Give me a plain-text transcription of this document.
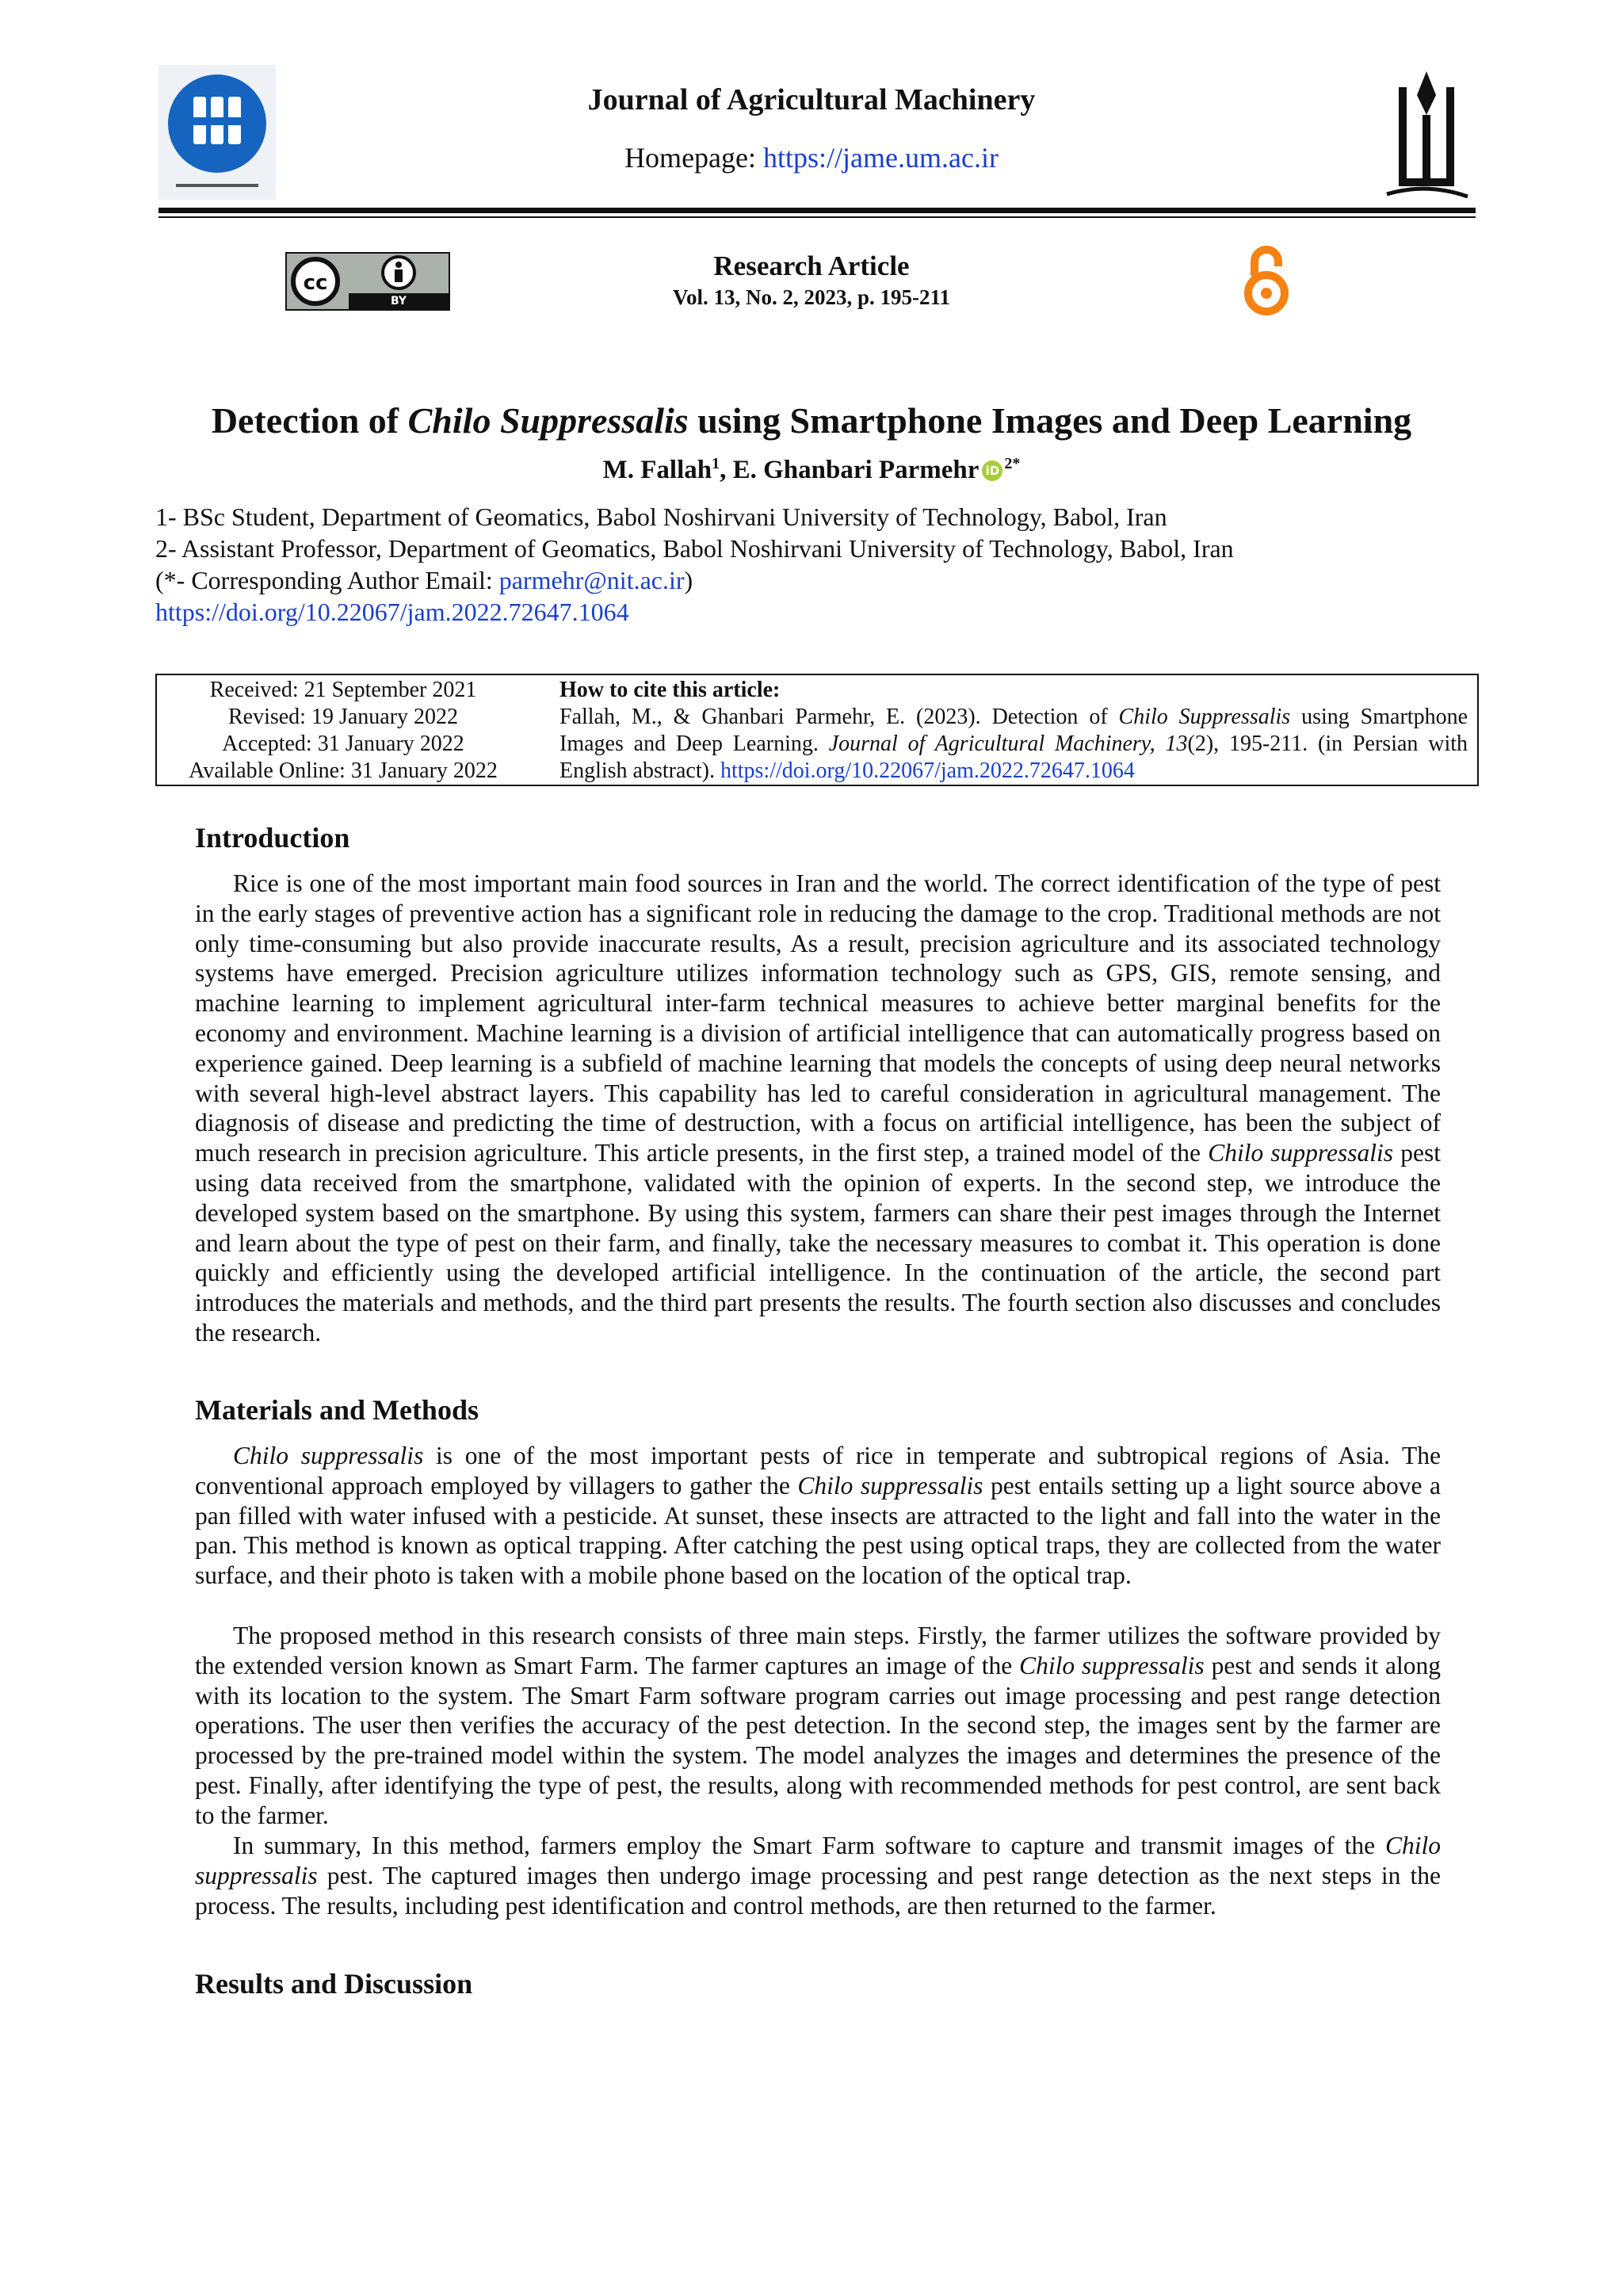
Journal of Agricultural Machinery
Homepage: https://jame.um.ac.ir
cc
BY
Research Article
Vol. 13, No. 2, 2023, p. 195-211
Detection of Chilo Suppressalis using Smartphone Images and Deep Learning
M. Fallah$^1$, E. Ghanbari Parmehr iD $^{2*}$
1- BSc Student, Department of Geomatics, Babol Noshirvani University of Technology, Babol, Iran
2- Assistant Professor, Department of Geomatics, Babol Noshirvani University of Technology, Babol, Iran
(*- Corresponding Author Email: parmehr@nit.ac.ir)
https://doi.org/10.22067/jam.2022.72647.1064
Received: 21 September 2021
Revised: 19 January 2022
Accepted: 31 January 2022
Available Online: 31 January 2022
How to cite this article:
Fallah, M., & Ghanbari Parmehr, E. (2023). Detection of Chilo Suppressalis using Smartphone Images and Deep Learning. Journal of Agricultural Machinery, 13(2), 195-211. (in Persian with English abstract). https://doi.org/10.22067/jam.2022.72647.1064
Introduction

Rice is one of the most important main food sources in Iran and the world. The correct identification of the type of pest in the early stages of preventive action has a significant role in reducing the damage to the crop. Traditional methods are not only time-consuming but also provide inaccurate results, As a result, precision agriculture and its associated technology systems have emerged. Precision agriculture utilizes information technology such as GPS, GIS, remote sensing, and machine learning to implement agricultural inter-farm technical measures to achieve better marginal benefits for the economy and environment. Machine learning is a division of artificial intelligence that can automatically progress based on experience gained. Deep learning is a subfield of machine learning that models the concepts of using deep neural networks with several high-level abstract layers. This capability has led to careful consideration in agricultural management. The diagnosis of disease and predicting the time of destruction, with a focus on artificial intelligence, has been the subject of much research in precision agriculture. This article presents, in the first step, a trained model of the Chilo suppressalis pest using data received from the smartphone, validated with the opinion of experts. In the second step, we introduce the developed system based on the smartphone. By using this system, farmers can share their pest images through the Internet and learn about the type of pest on their farm, and finally, take the necessary measures to combat it. This operation is done quickly and efficiently using the developed artificial intelligence. In the continuation of the article, the second part introduces the materials and methods, and the third part presents the results. The fourth section also discusses and concludes the research.

Materials and Methods

Chilo suppressalis is one of the most important pests of rice in temperate and subtropical regions of Asia. The conventional approach employed by villagers to gather the Chilo suppressalis pest entails setting up a light source above a pan filled with water infused with a pesticide. At sunset, these insects are attracted to the light and fall into the water in the pan. This method is known as optical trapping. After catching the pest using optical traps, they are collected from the water surface, and their photo is taken with a mobile phone based on the location of the optical trap.

The proposed method in this research consists of three main steps. Firstly, the farmer utilizes the software provided by the extended version known as Smart Farm. The farmer captures an image of the Chilo suppressalis pest and sends it along with its location to the system. The Smart Farm software program carries out image processing and pest range detection operations. The user then verifies the accuracy of the pest detection. In the second step, the images sent by the farmer are processed by the pre-trained model within the system. The model analyzes the images and determines the presence of the pest. Finally, after identifying the type of pest, the results, along with recommended methods for pest control, are sent back to the farmer.

In summary, In this method, farmers employ the Smart Farm software to capture and transmit images of the Chilo suppressalis pest. The captured images then undergo image processing and pest range detection as the next steps in the process. The results, including pest identification and control methods, are then returned to the farmer.

Results and Discussion
